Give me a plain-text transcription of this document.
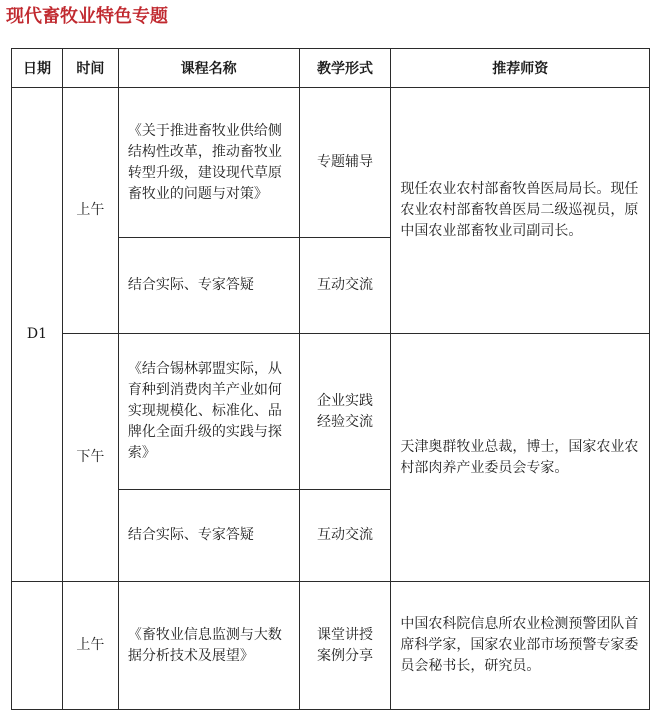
现代畜牧业特色专题
日期	时间	课程名称	教学形式	推荐师资
D1	上午	《关于推进畜牧业供给侧结构性改革，推动畜牧业转型升级，建设现代草原畜牧业的问题与对策》	专题辅导	现任农业农村部畜牧兽医局局长。现任农业农村部畜牧兽医局二级巡视员，原中国农业部畜牧业司副司长。
		结合实际、专家答疑	互动交流	
	下午	《结合锡林郭盟实际，从育种到消费肉羊产业如何实现规模化、标准化、品牌化全面升级的实践与探索》	企业实践经验交流	天津奥群牧业总裁，博士，国家农业农村部肉养产业委员会专家。
		结合实际、专家答疑	互动交流	
	上午	《畜牧业信息监测与大数据分析技术及展望》	课堂讲授案例分享	中国农科院信息所农业检测预警团队首席科学家，国家农业部市场预警专家委员会秘书长，研究员。
